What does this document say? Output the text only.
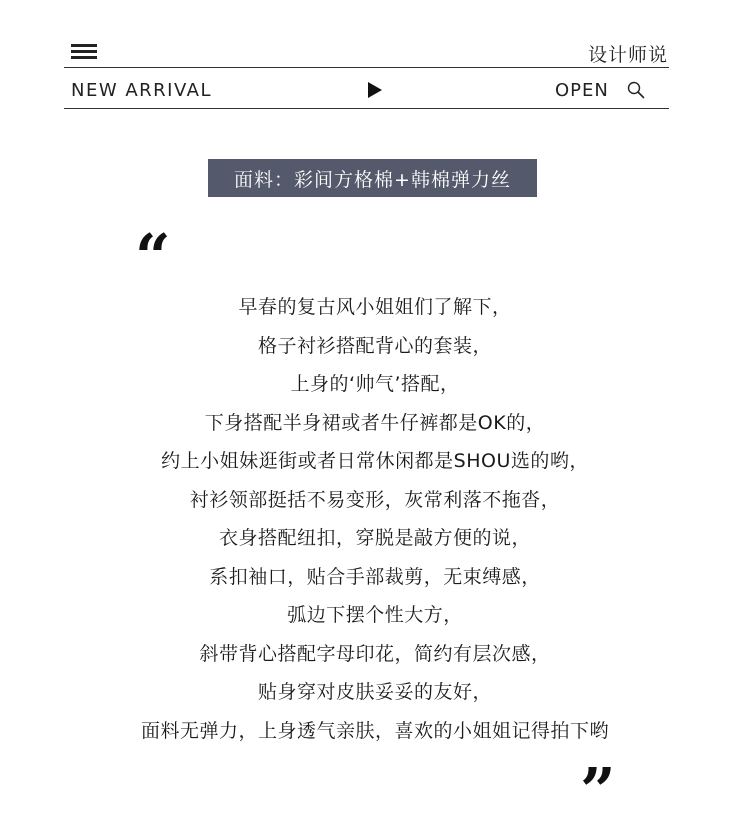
设计师说
NEW ARRIVAL	OPEN
面料：彩间方格棉+韩棉弹力丝
“
早春的复古风小姐姐们了解下，
格子衬衫搭配背心的套装，
上身的‘帅气’搭配，
下身搭配半身裙或者牛仔裤都是OK的，
约上小姐妹逛街或者日常休闲都是SHOU选的哟，
衬衫领部挺括不易变形，灰常利落不拖沓，
衣身搭配纽扣，穿脱是敲方便的说，
系扣袖口，贴合手部裁剪，无束缚感，
弧边下摆个性大方，
斜带背心搭配字母印花，简约有层次感，
贴身穿对皮肤妥妥的友好，
面料无弹力，上身透气亲肤，喜欢的小姐姐记得拍下哟
”
